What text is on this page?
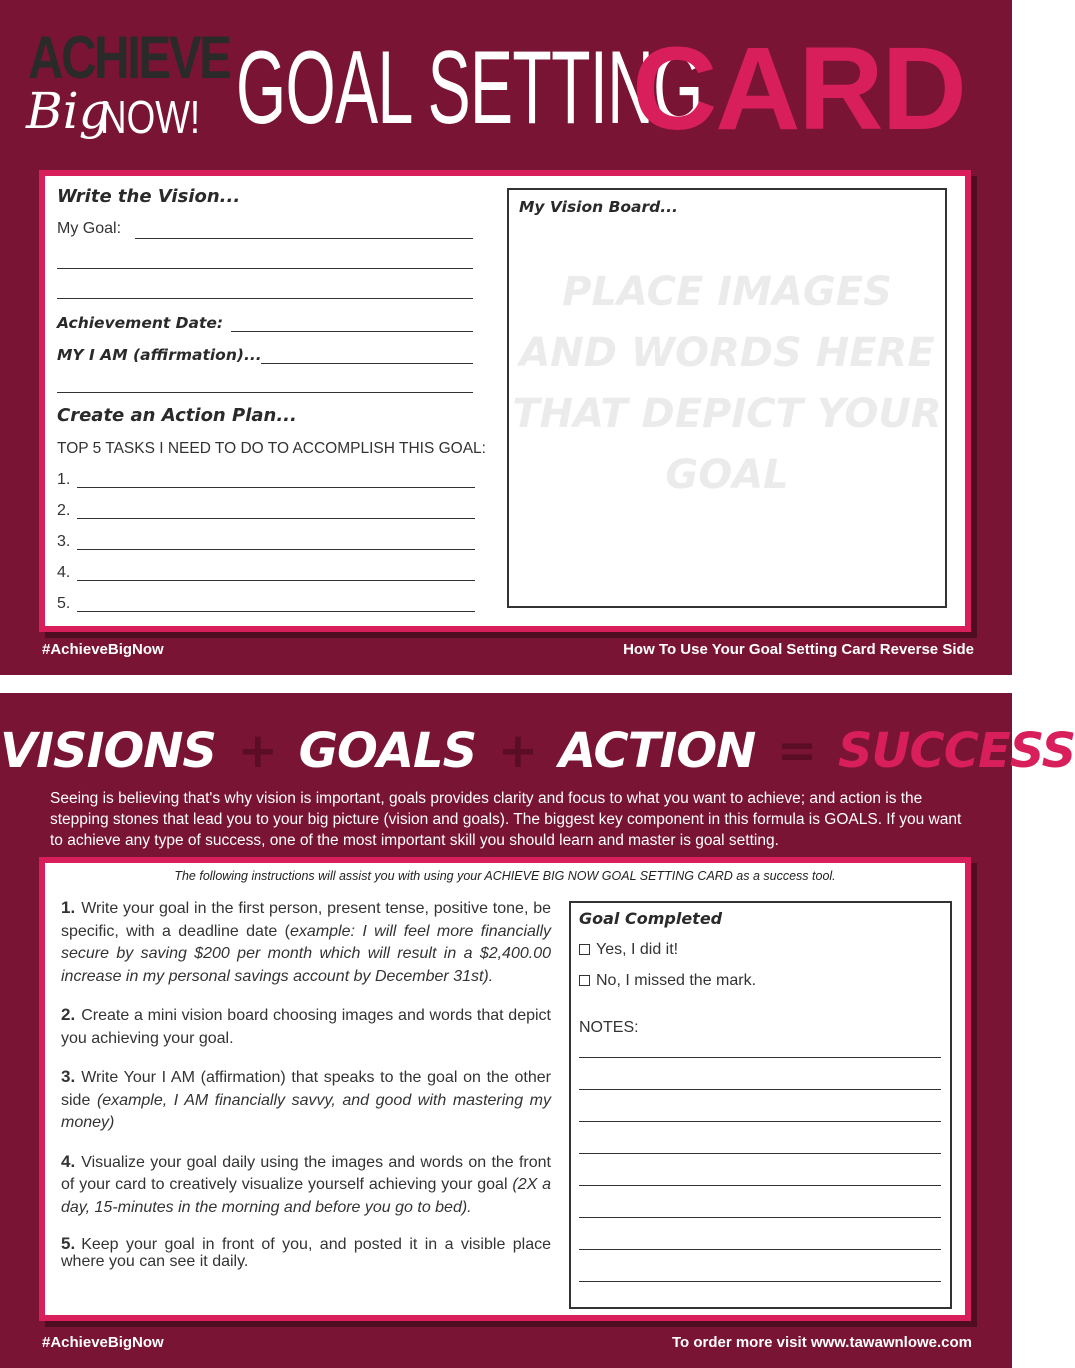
ACHIEVE
Big
NOW! GOAL SETTING
CARD
Write the Vision...
My Goal:
Achievement Date:
MY I AM (affirmation)...
Create an Action Plan...
TOP 5 TASKS I NEED TO DO TO ACCOMPLISH THIS GOAL:
1.
2.
3.
4.
5.
My Vision Board...
PLACE IMAGES AND WORDS HERE THAT DEPICT YOUR GOAL
#AchieveBigNow	How To Use Your Goal Setting Card Reverse Side
VISIONS + GOALS + ACTION = SUCCESS
Seeing is believing that's why vision is important, goals provides clarity and focus to what you want to achieve; and action is the stepping stones that lead you to your big picture (vision and goals). The biggest key component in this formula is GOALS. If you want to achieve any type of success, one of the most important skill you should learn and master is goal setting.
The following instructions will assist you with using your ACHIEVE BIG NOW GOAL SETTING CARD as a success tool.
1. Write your goal in the first person, present tense, positive tone, be specific, with a deadline date (example: I will feel more financially secure by saving $200 per month which will result in a $2,400.00 increase in my personal savings account by December 31st).
2. Create a mini vision board choosing images and words that depict you achieving your goal.
3. Write Your I AM (affirmation) that speaks to the goal on the other side (example, I AM financially savvy, and good with mastering my money)
4. Visualize your goal daily using the images and words on the front of your card to creatively visualize yourself achieving your goal (2X a day, 15-minutes in the morning and before you go to bed).
5. Keep your goal in front of you, and posted it in a visible place where you can see it daily.
Goal Completed
Yes, I did it!
No, I missed the mark.
NOTES:
#AchieveBigNow	To order more visit www.tawawnlowe.com
